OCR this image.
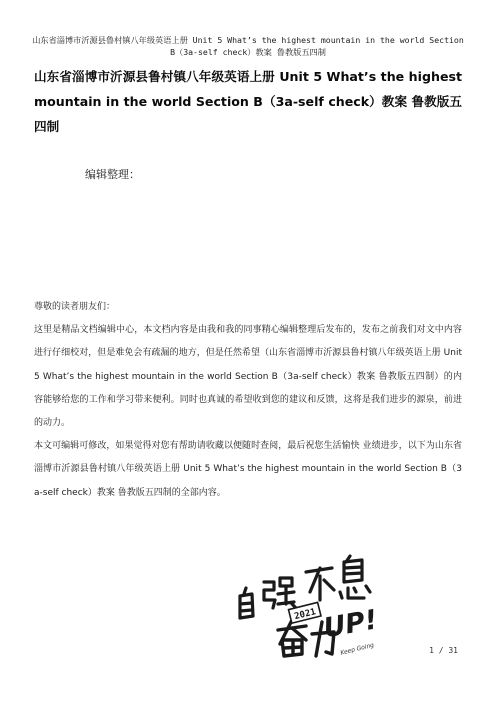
山东省淄博市沂源县鲁村镇八年级英语上册 Unit 5 What’s the highest mountain in the world Section B（3a-self check）教案 鲁教版五四制
山东省淄博市沂源县鲁村镇八年级英语上册 Unit 5 What’s the highest mountain in the world Section B（3a-self check）教案 鲁教版五四制
编辑整理：

尊敬的读者朋友们：

这里是精品文档编辑中心，本文档内容是由我和我的同事精心编辑整理后发布的，发布之前我们对文中内容进行仔细校对，但是难免会有疏漏的地方，但是任然希望（山东省淄博市沂源县鲁村镇八年级英语上册 Unit 5 What’s the highest mountain in the world Section B（3a-self check）教案 鲁教版五四制）的内容能够给您的工作和学习带来便利。同时也真诚的希望收到您的建议和反馈，这将是我们进步的源泉，前进的动力。

本文可编辑可修改，如果觉得对您有帮助请收藏以便随时查阅，最后祝您生活愉快 业绩进步，以下为山东省淄博市沂源县鲁村镇八年级英语上册 Unit 5 What’s the highest mountain in the world Section B（3a-self check）教案 鲁教版五四制的全部内容。

2021 UP!
Keep Going	1 / 31
